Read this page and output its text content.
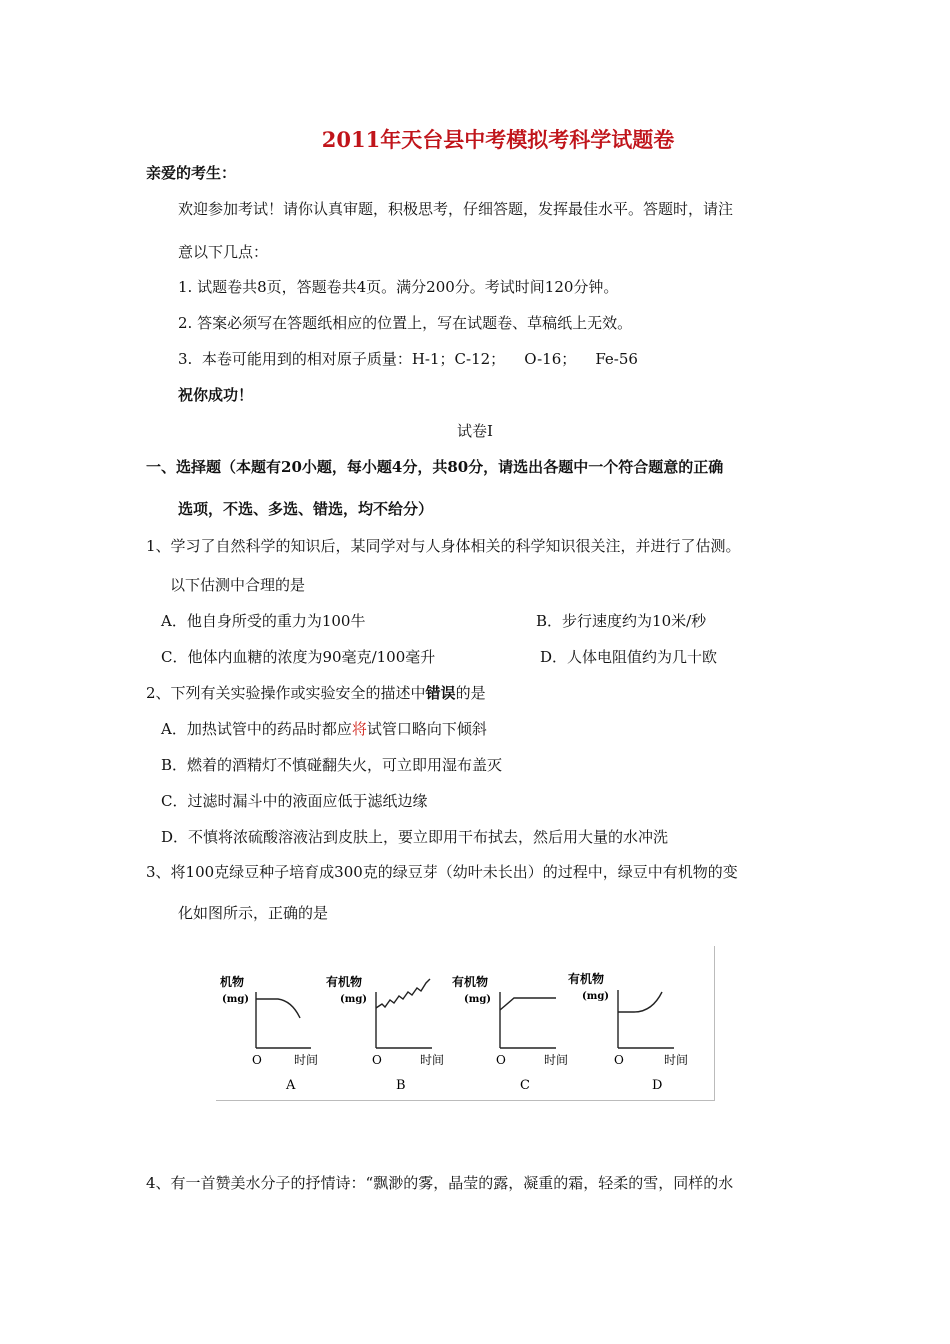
2011年天台县中考模拟考科学试题卷
亲爱的考生：
欢迎参加考试！请你认真审题，积极思考，仔细答题，发挥最佳水平。答题时，请注
意以下几点：
1. 试题卷共8页，答题卷共4页。满分200分。考试时间120分钟。
2. 答案必须写在答题纸相应的位置上，写在试题卷、草稿纸上无效。
3.  本卷可能用到的相对原子质量：H-1；C-12；    O-16；    Fe-56
祝你成功！
试卷Ⅰ
一、选择题（本题有20小题，每小题4分，共80分，请选出各题中一个符合题意的正确
选项，不选、多选、错选，均不给分）
1、学习了自然科学的知识后，某同学对与人身体相关的科学知识很关注，并进行了估测。
以下估测中合理的是
A．他自身所受的重力为100牛	B．步行速度约为10米/秒
C．他体内血糖的浓度为90毫克/100毫升	D．人体电阻值约为几十欧
2、下列有关实验操作或实验安全的描述中错误的是
A．加热试管中的药品时都应将试管口略向下倾斜
B．燃着的酒精灯不慎碰翻失火，可立即用湿布盖灭
C．过滤时漏斗中的液面应低于滤纸边缘
D．不慎将浓硫酸溶液沾到皮肤上，要立即用干布拭去，然后用大量的水冲洗
3、将100克绿豆种子培育成300克的绿豆芽（幼叶未长出）的过程中，绿豆中有机物的变
化如图所示，正确的是
机物
(mg)
O	时间
A
有机物
(mg)
O	时间
B
有机物
(mg)
O	时间
C
有机物
(mg)
O	时间
D
4、有一首赞美水分子的抒情诗：“飘渺的雾，晶莹的露，凝重的霜，轻柔的雪，同样的水
